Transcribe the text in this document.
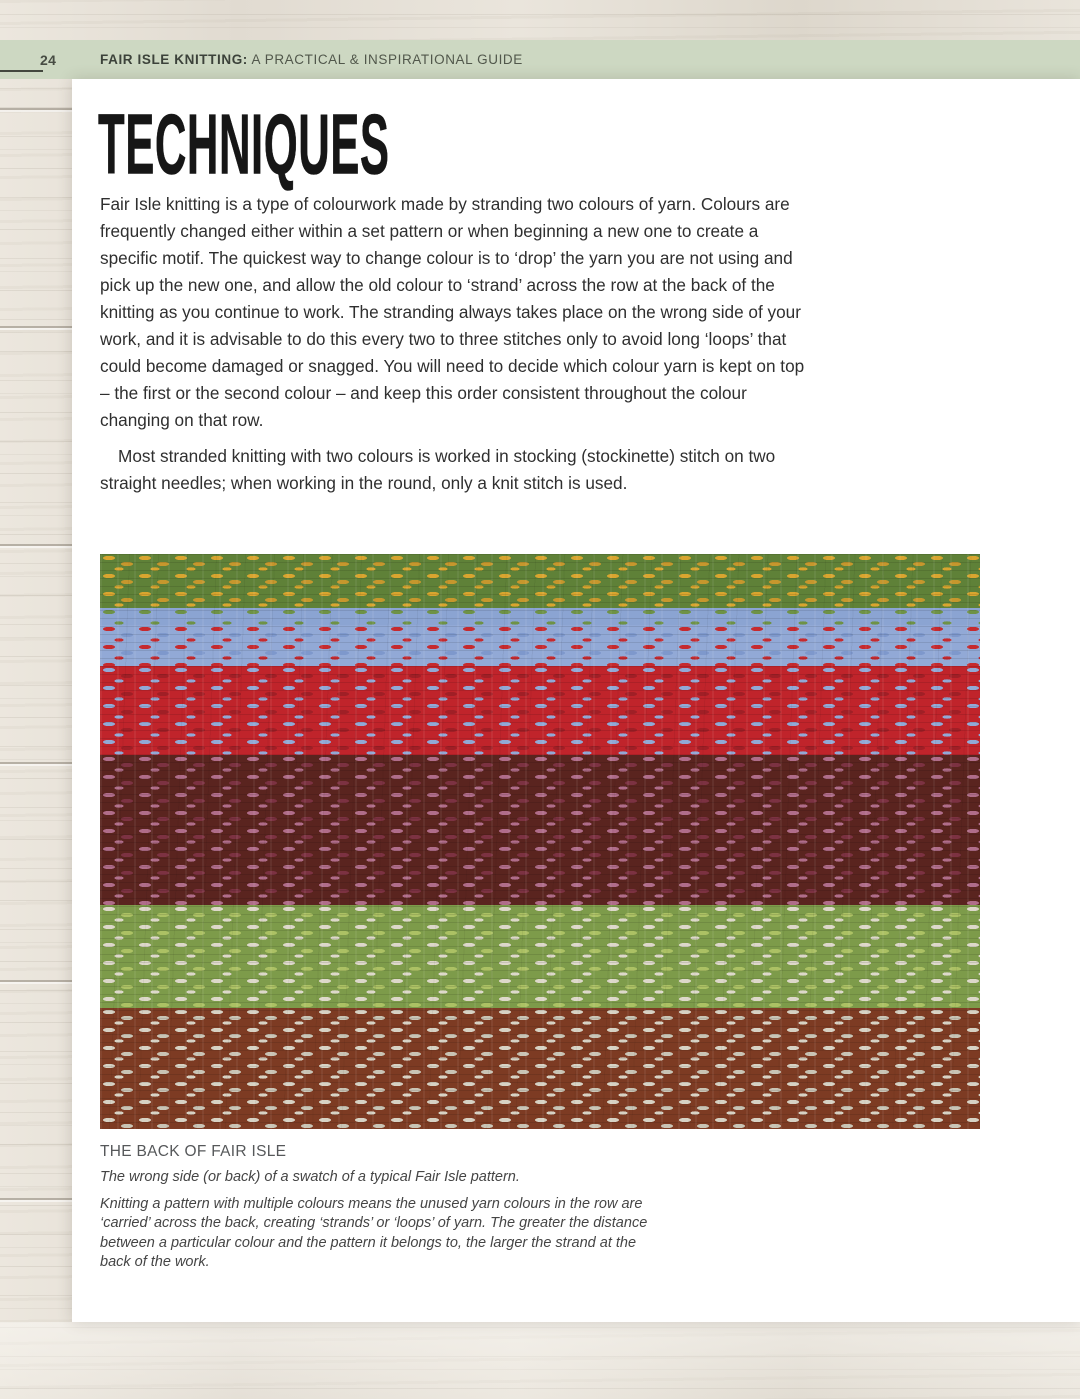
24	FAIR ISLE KNITTING: A PRACTICAL & INSPIRATIONAL GUIDE
TECHNIQUES

Fair Isle knitting is a type of colourwork made by stranding two colours of yarn. Colours are frequently changed either within a set pattern or when beginning a new one to create a specific motif. The quickest way to change colour is to ‘drop’ the yarn you are not using and pick up the new one, and allow the old colour to ‘strand’ across the row at the back of the knitting as you continue to work. The stranding always takes place on the wrong side of your work, and it is advisable to do this every two to three stitches only to avoid long ‘loops’ that could become damaged or snagged. You will need to decide which colour yarn is kept on top – the first or the second colour – and keep this order consistent throughout the colour changing on that row.

Most stranded knitting with two colours is worked in stocking (stockinette) stitch on two straight needles; when working in the round, only a knit stitch is used.

THE BACK OF FAIR ISLE

The wrong side (or back) of a swatch of a typical Fair Isle pattern.

Knitting a pattern with multiple colours means the unused yarn colours in the row are ‘carried’ across the back, creating ‘strands’ or ‘loops’ of yarn. The greater the distance between a particular colour and the pattern it belongs to, the larger the strand at the back of the work.
